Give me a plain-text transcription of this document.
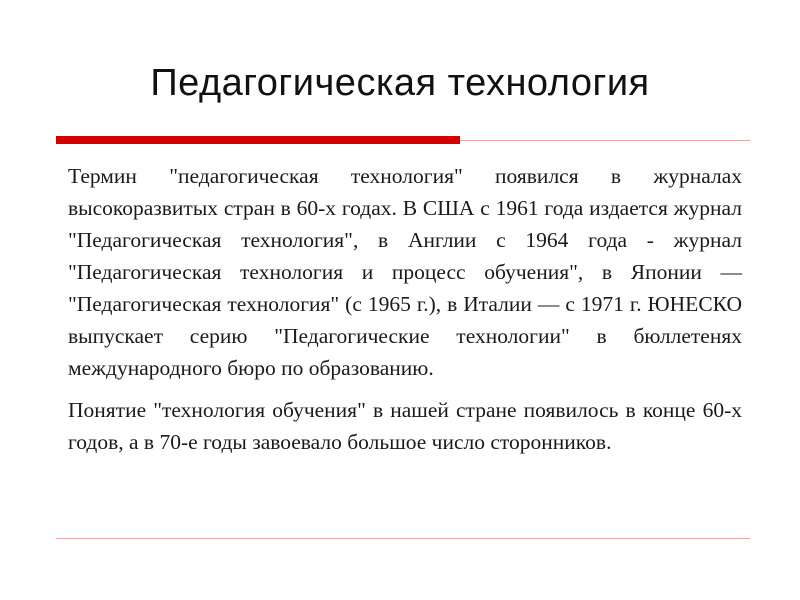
Педагогическая технология

Термин "педагогическая технология" появился в журналах высокоразвитых стран в 60-х годах. В США с 1961 года издается журнал "Педагогическая технология", в Англии с 1964 года - журнал "Педагогическая технология и процесс обучения", в Японии — "Педагогическая технология" (с 1965 г.), в Италии — с 1971 г. ЮНЕСКО выпускает серию "Педагогические технологии" в бюллетенях международного бюро по образованию.

Понятие "технология обучения" в нашей стране появилось в конце 60-х годов, а в 70-е годы завоевало большое число сторонников.
